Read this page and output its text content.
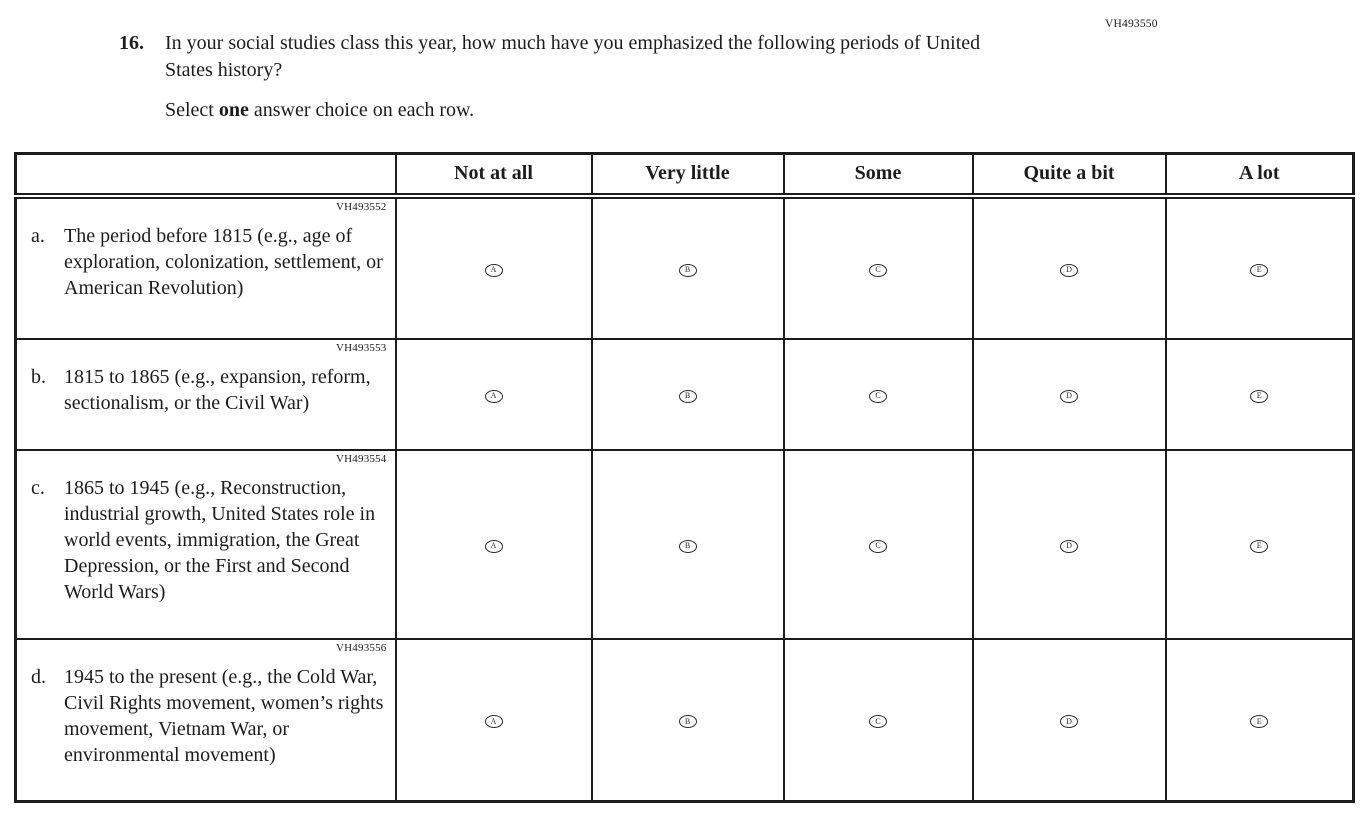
VH493550
16.	In your social studies class this year, how much have you emphasized the following periods of United States history?
Select one answer choice on each row.
	Not at all	Very little	Some	Quite a bit	A lot

VH493552
a. The period before 1815 (e.g., age of exploration, colonization, settlement, or American Revolution)	A	B	C	D	E

VH493553
b. 1815 to 1865 (e.g., expansion, reform, sectionalism, or the Civil War)	A	B	C	D	E

VH493554
c. 1865 to 1945 (e.g., Reconstruction, industrial growth, United States role in world events, immigration, the Great Depression, or the First and Second World Wars)	A	B	C	D	E

VH493556
d. 1945 to the present (e.g., the Cold War, Civil Rights movement, women’s rights movement, Vietnam War, or environmental movement)	A	B	C	D	E
